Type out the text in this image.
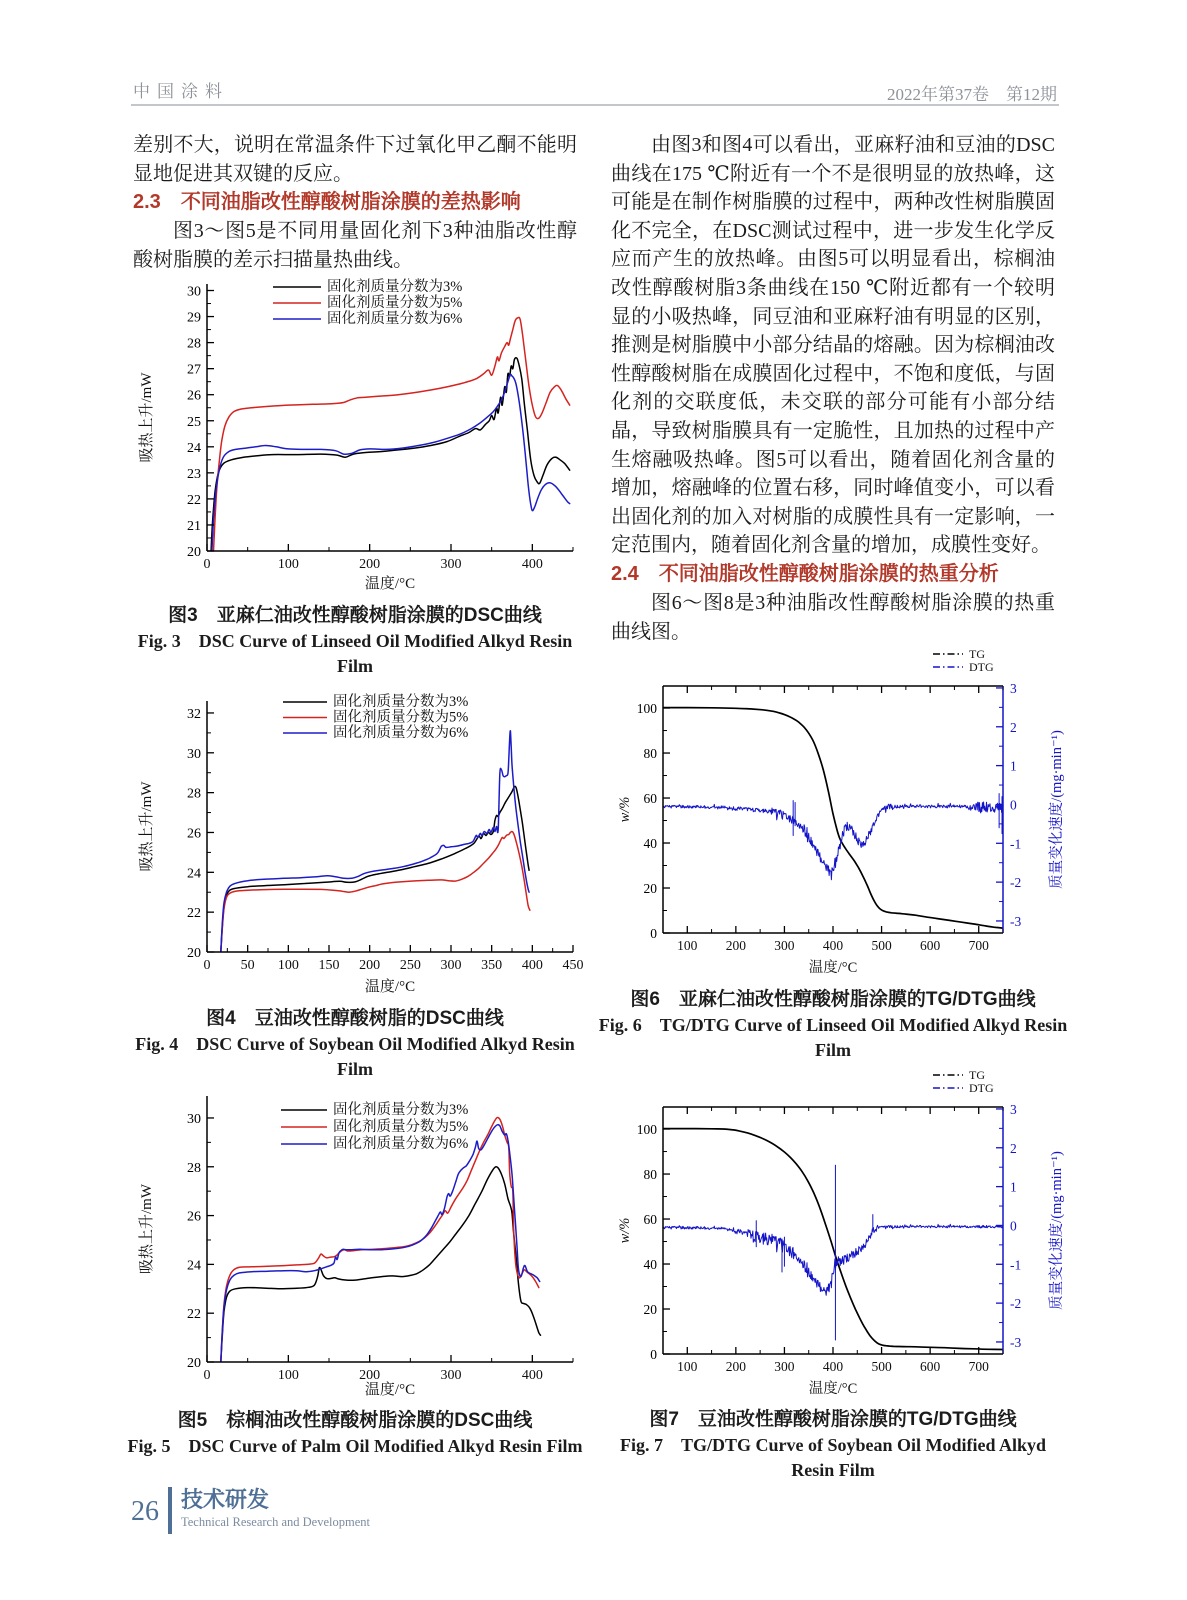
中国涂料	2022年第37卷　第12期

差别不大，说明在常温条件下过氧化甲乙酮不能明显地促进其双键的反应。

2.3 不同油脂改性醇酸树脂涂膜的差热影响

图3～图5是不同用量固化剂下3种油脂改性醇酸树脂膜的差示扫描量热曲线。

0	100	200	300	400
20
21
22
23
24
25
26
27
28
29
30
温度/°C
吸热上升/mW
固化剂质量分数为3%
固化剂质量分数为5%
固化剂质量分数为6%
图3　亚麻仁油改性醇酸树脂涂膜的DSC曲线
Fig. 3　DSC Curve of Linseed Oil Modified Alkyd Resin Film
0 50 100 150 200 250 300 350 400 450
20
22
24
26
28
30
32
温度/°C
吸热上升/mW
固化剂质量分数为3%
固化剂质量分数为5%
固化剂质量分数为6%
图4　豆油改性醇酸树脂的DSC曲线
Fig. 4　DSC Curve of Soybean Oil Modified Alkyd Resin Film
0	100	200	300	400
20
22
24
26
28
30
温度/°C
吸热上升/mW
固化剂质量分数为3%
固化剂质量分数为5%
固化剂质量分数为6%
图5　棕榈油改性醇酸树脂涂膜的DSC曲线
Fig. 5　DSC Curve of Palm Oil Modified Alkyd Resin Film

由图3和图4可以看出，亚麻籽油和豆油的DSC曲线在175 ℃附近有一个不是很明显的放热峰，这可能是在制作树脂膜的过程中，两种改性树脂膜固化不完全，在DSC测试过程中，进一步发生化学反应而产生的放热峰。由图5可以明显看出，棕榈油改性醇酸树脂3条曲线在150 ℃附近都有一个较明显的小吸热峰，同豆油和亚麻籽油有明显的区别，推测是树脂膜中小部分结晶的熔融。因为棕榈油改性醇酸树脂在成膜固化过程中，不饱和度低，与固化剂的交联度低，未交联的部分可能有小部分结晶，导致树脂膜具有一定脆性，且加热的过程中产生熔融吸热峰。图5可以看出，随着固化剂含量的增加，熔融峰的位置右移，同时峰值变小，可以看出固化剂的加入对树脂的成膜性具有一定影响，一定范围内，随着固化剂含量的增加，成膜性变好。

2.4 不同油脂改性醇酸树脂涂膜的热重分析

图6～图8是3种油脂改性醇酸树脂涂膜的热重曲线图。

100 200 300 400 500 600 700
0
20
40
60
80
100
-3
-2
-1
0
1
2
3
温度/°C
w/%	质量变化速度/(mg·min⁻¹)
TG
DTG
图6　亚麻仁油改性醇酸树脂涂膜的TG/DTG曲线
Fig. 6　TG/DTG Curve of Linseed Oil Modified Alkyd Resin Film
100 200 300 400 500 600 700
0
20
40
60
80
100
-3
-2
-1
0
1
2
3
温度/°C
w/%	质量变化速度/(mg·min⁻¹)
TG
DTG
图7　豆油改性醇酸树脂涂膜的TG/DTG曲线
Fig. 7　TG/DTG Curve of Soybean Oil Modified Alkyd Resin Film
26 技术研发
Technical Research and Development
